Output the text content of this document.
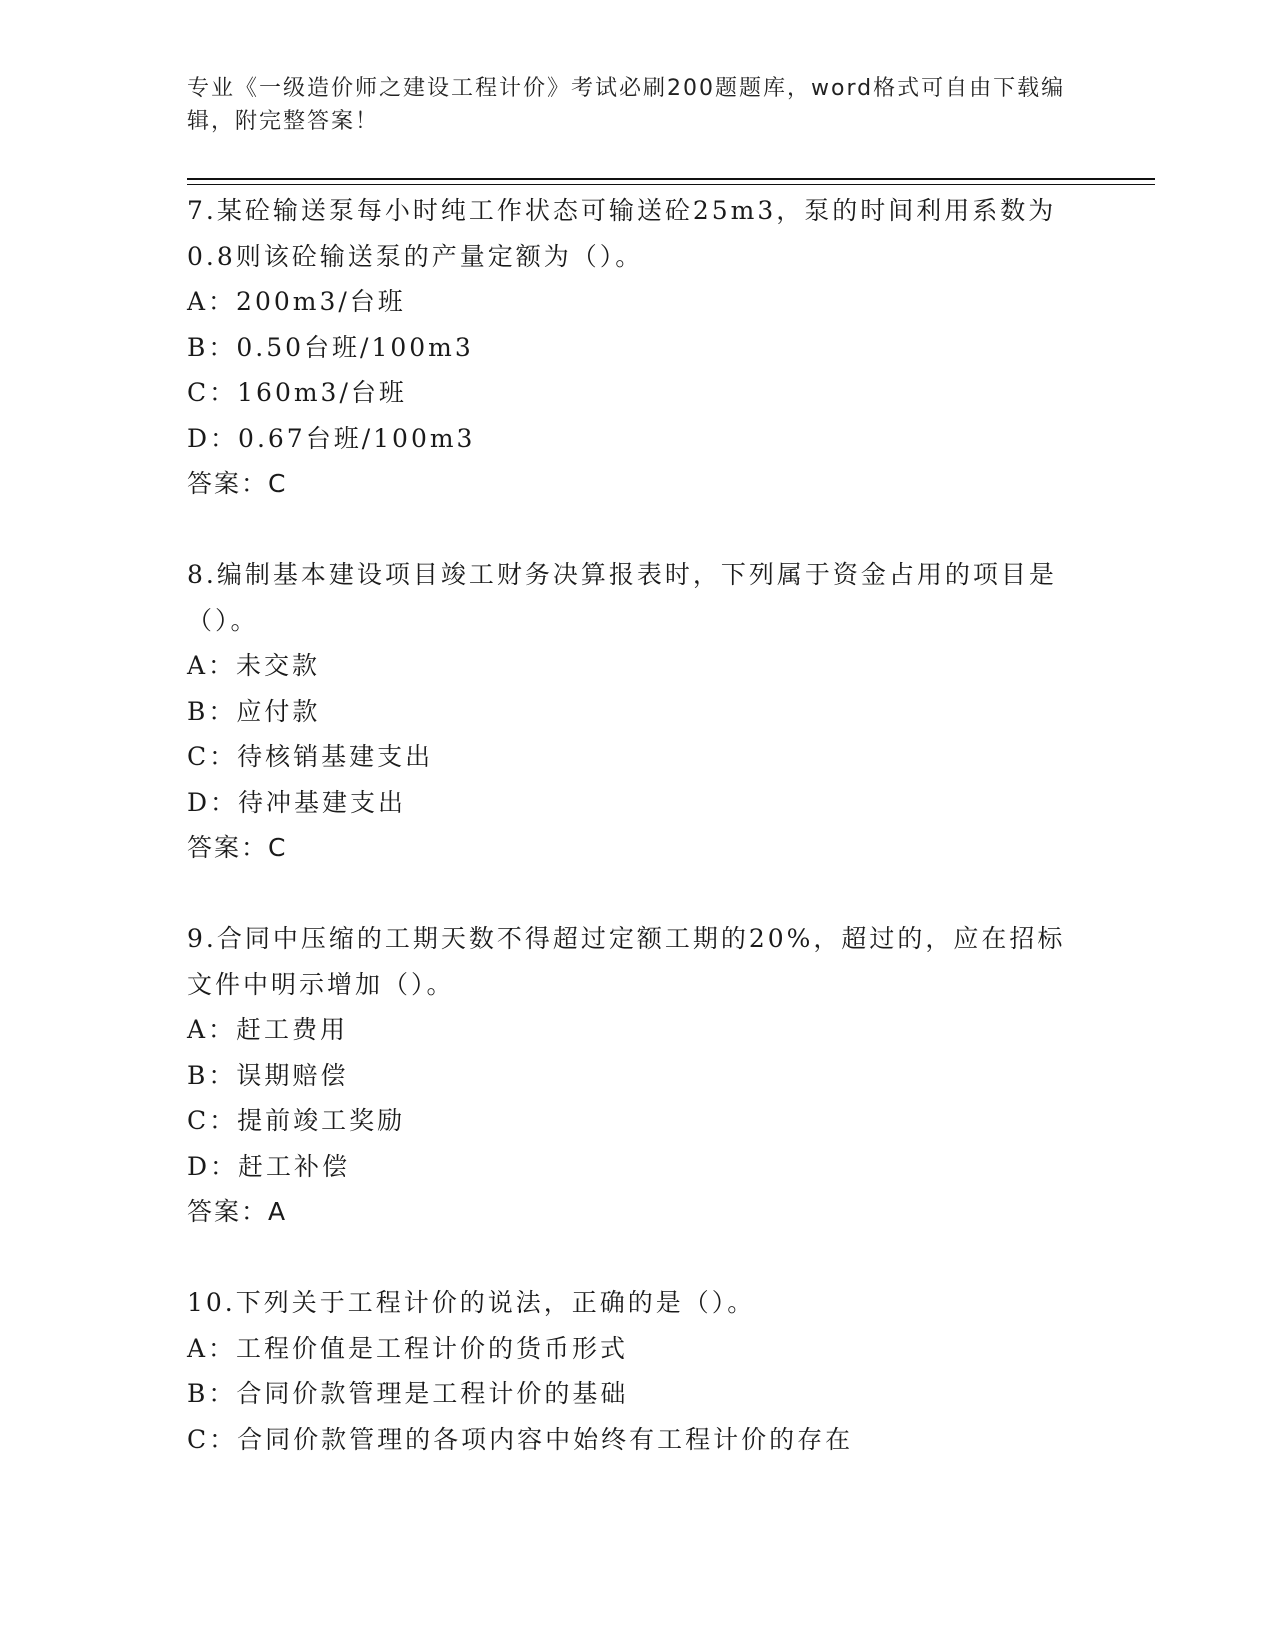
专业《一级造价师之建设工程计价》考试必刷200题题库，word格式可自由下载编辑，附完整答案！

7.某砼输送泵每小时纯工作状态可输送砼25m3，泵的时间利用系数为0.8则该砼输送泵的产量定额为（）。

A：200m3/台班

B：0.50台班/100m3

C：160m3/台班

D：0.67台班/100m3

答案：C

8.编制基本建设项目竣工财务决算报表时，下列属于资金占用的项目是（）。

A：未交款

B：应付款

C：待核销基建支出

D：待冲基建支出

答案：C

9.合同中压缩的工期天数不得超过定额工期的20%，超过的，应在招标文件中明示增加（）。

A：赶工费用

B：误期赔偿

C：提前竣工奖励

D：赶工补偿

答案：A

10.下列关于工程计价的说法，正确的是（）。

A：工程价值是工程计价的货币形式

B：合同价款管理是工程计价的基础

C：合同价款管理的各项内容中始终有工程计价的存在
